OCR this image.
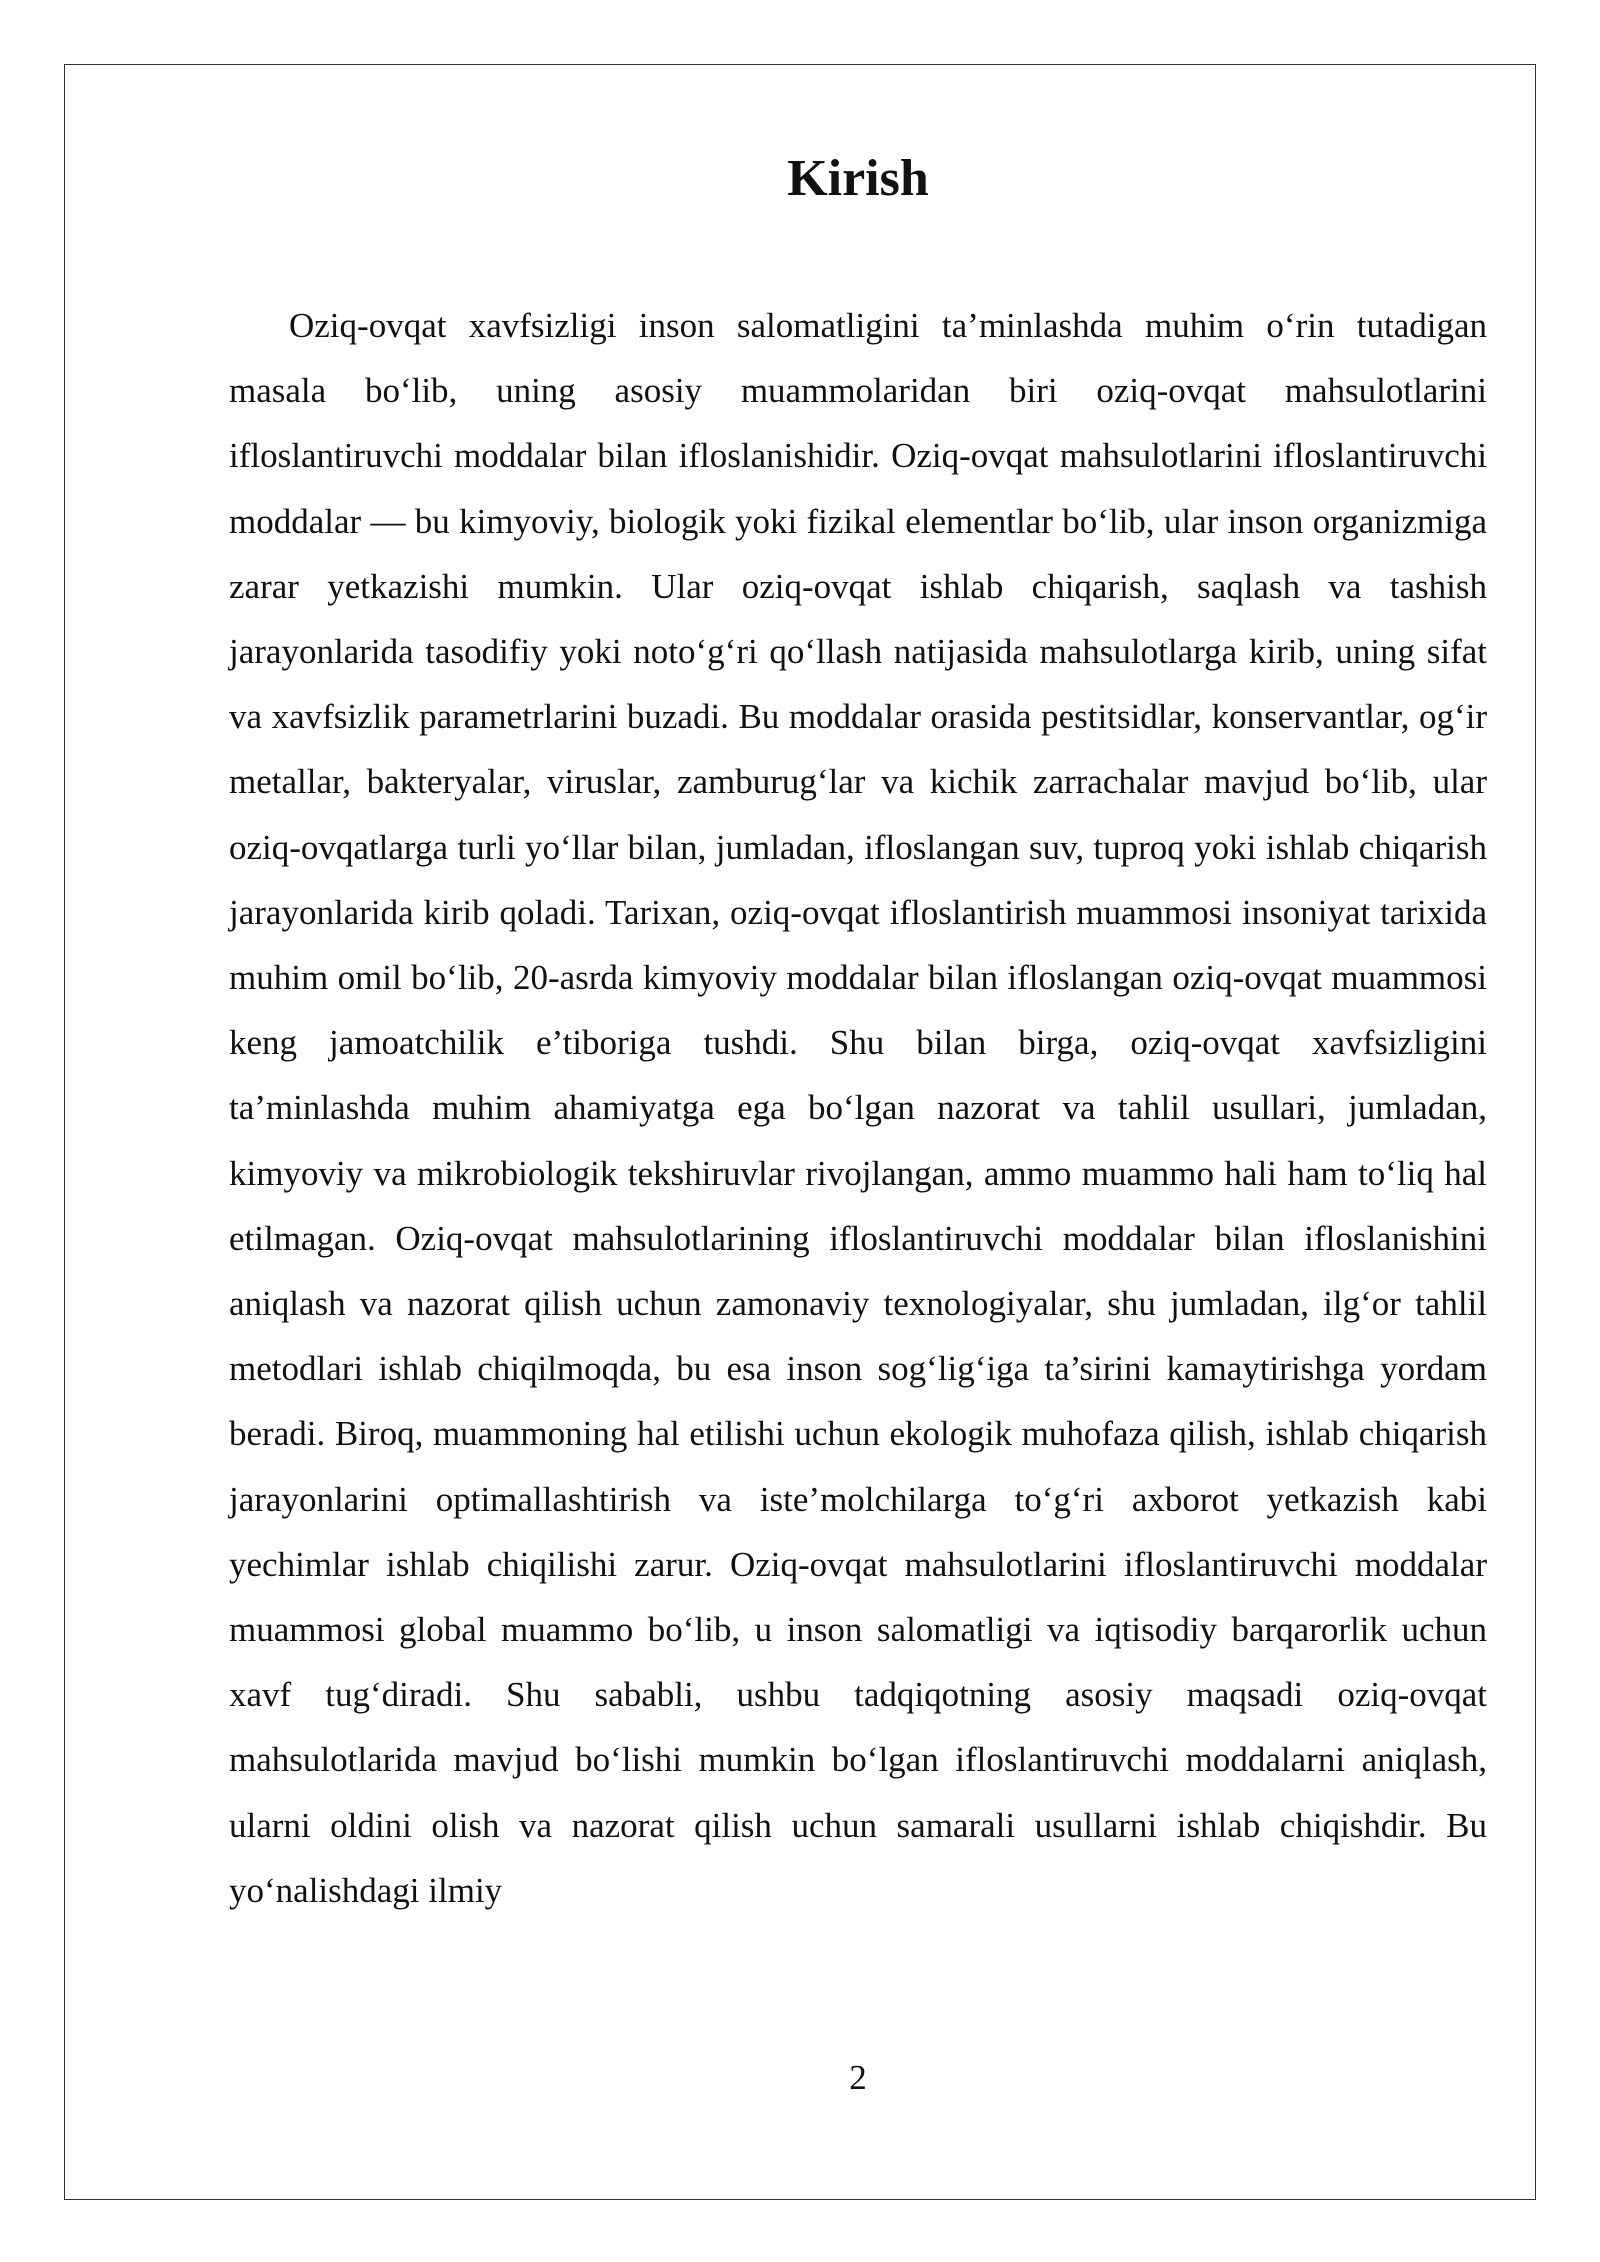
Kirish

Oziq-ovqat xavfsizligi inson salomatligini ta’minlashda muhim o‘rin tutadigan masala bo‘lib, uning asosiy muammolaridan biri oziq-ovqat mahsulotlarini ifloslantiruvchi moddalar bilan ifloslanishidir. Oziq-ovqat mahsulotlarini ifloslantiruvchi moddalar — bu kimyoviy, biologik yoki fizikal elementlar bo‘lib, ular inson organizmiga zarar yetkazishi mumkin. Ular oziq-ovqat ishlab chiqarish, saqlash va tashish jarayonlarida tasodifiy yoki noto‘g‘ri qo‘llash natijasida mahsulotlarga kirib, uning sifat va xavfsizlik parametrlarini buzadi. Bu moddalar orasida pestitsidlar, konservantlar, og‘ir metallar, bakteryalar, viruslar, zamburug‘lar va kichik zarrachalar mavjud bo‘lib, ular oziq-ovqatlarga turli yo‘llar bilan, jumladan, ifloslangan suv, tuproq yoki ishlab chiqarish jarayonlarida kirib qoladi. Tarixan, oziq-ovqat ifloslantirish muammosi insoniyat tarixida muhim omil bo‘lib, 20-asrda kimyoviy moddalar bilan ifloslangan oziq-ovqat muammosi keng jamoatchilik e’tiboriga tushdi. Shu bilan birga, oziq-ovqat xavfsizligini ta’minlashda muhim ahamiyatga ega bo‘lgan nazorat va tahlil usullari, jumladan, kimyoviy va mikrobiologik tekshiruvlar rivojlangan, ammo muammo hali ham to‘liq hal etilmagan. Oziq-ovqat mahsulotlarining ifloslantiruvchi moddalar bilan ifloslanishini aniqlash va nazorat qilish uchun zamonaviy texnologiyalar, shu jumladan, ilg‘or tahlil metodlari ishlab chiqilmoqda, bu esa inson sog‘lig‘iga ta’sirini kamaytirishga yordam beradi. Biroq, muammoning hal etilishi uchun ekologik muhofaza qilish, ishlab chiqarish jarayonlarini optimallashtirish va iste’molchilarga to‘g‘ri axborot yetkazish kabi yechimlar ishlab chiqilishi zarur. Oziq-ovqat mahsulotlarini ifloslantiruvchi moddalar muammosi global muammo bo‘lib, u inson salomatligi va iqtisodiy barqarorlik uchun xavf tug‘diradi. Shu sababli, ushbu tadqiqotning asosiy maqsadi oziq-ovqat mahsulotlarida mavjud bo‘lishi mumkin bo‘lgan ifloslantiruvchi moddalarni aniqlash, ularni oldini olish va nazorat qilish uchun samarali usullarni ishlab chiqishdir. Bu yo‘nalishdagi ilmiy

2
